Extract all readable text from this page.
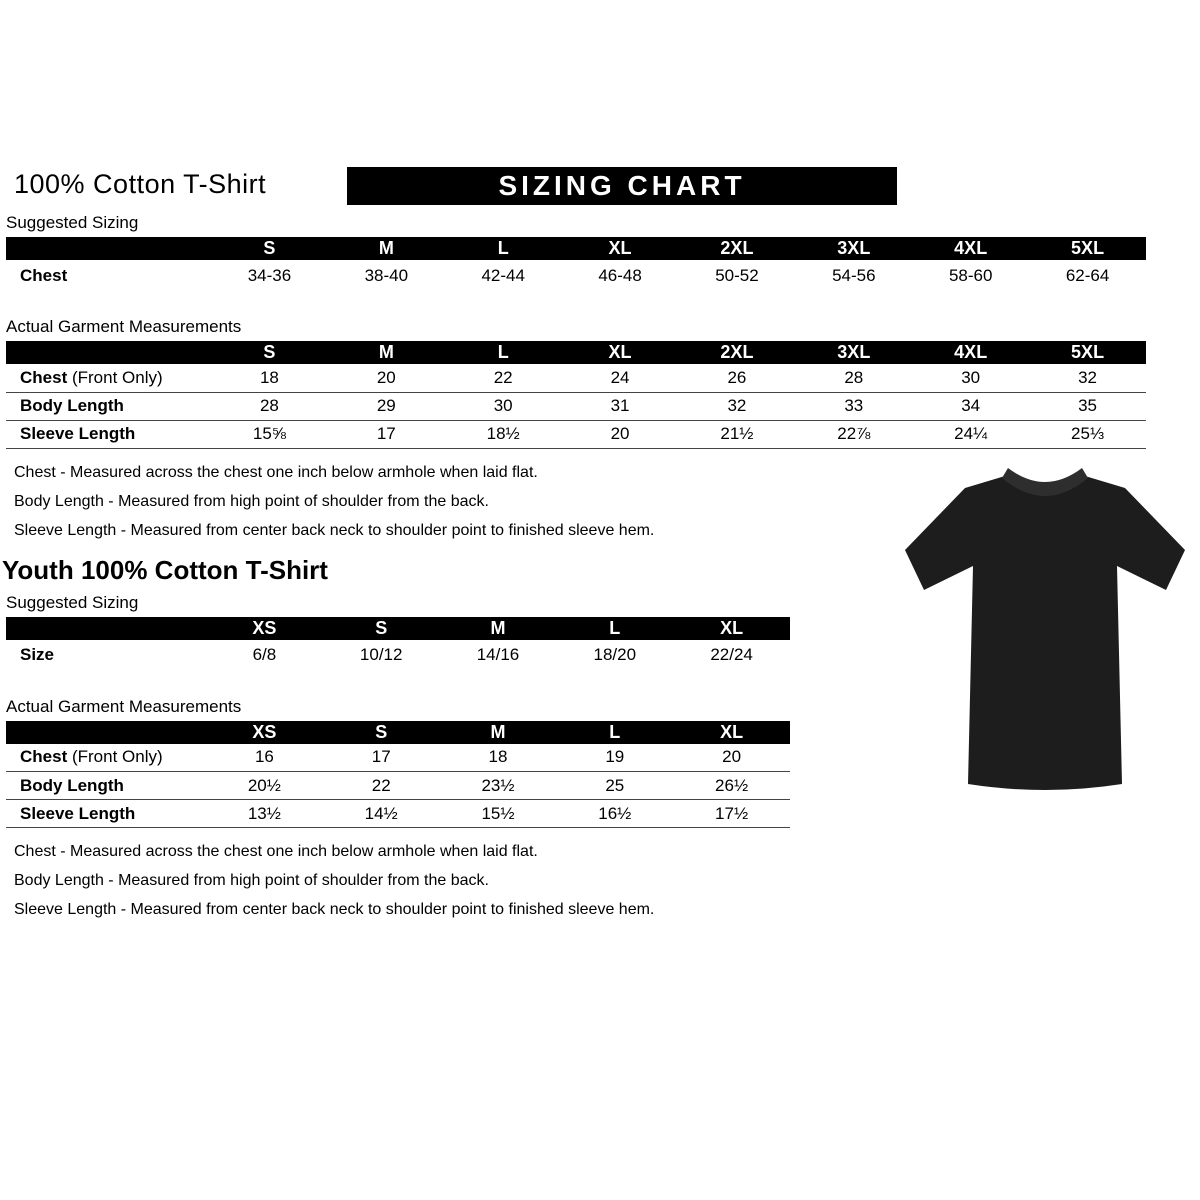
100% Cotton T-Shirt	SIZING CHART
Suggested Sizing
	S	M	L	XL	2XL	3XL	4XL	5XL
Chest	34-36	38-40	42-44	46-48	50-52	54-56	58-60	62-64
Actual Garment Measurements
	S	M	L	XL	2XL	3XL	4XL	5XL
Chest (Front Only)	18	20	22	24	26	28	30	32
Body Length	28	29	30	31	32	33	34	35
Sleeve Length	15⅝	17	18½	20	21½	22⅞	24¼	25⅓

Chest - Measured across the chest one inch below armhole when laid flat.

Body Length - Measured from high point of shoulder from the back.

Sleeve Length - Measured from center back neck to shoulder point to finished sleeve hem.

Youth 100% Cotton T-Shirt
Suggested Sizing
	XS	S	M	L	XL
Size	6/8	10/12	14/16	18/20	22/24
Actual Garment Measurements
	XS	S	M	L	XL
Chest (Front Only)	16	17	18	19	20
Body Length	20½	22	23½	25	26½
Sleeve Length	13½	14½	15½	16½	17½

Chest - Measured across the chest one inch below armhole when laid flat.

Body Length - Measured from high point of shoulder from the back.

Sleeve Length - Measured from center back neck to shoulder point to finished sleeve hem.
